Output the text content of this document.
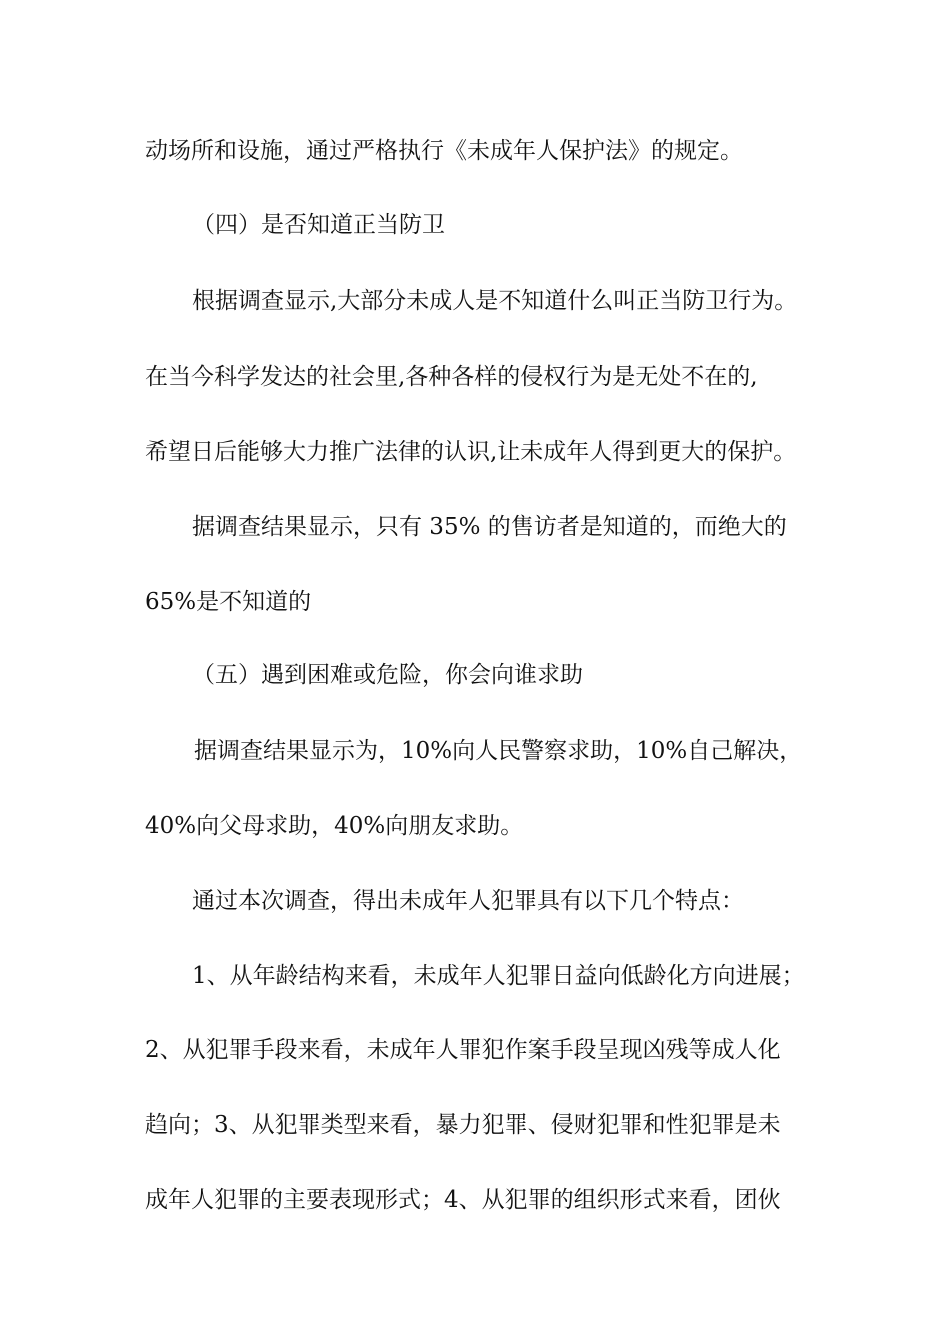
动场所和设施，通过严格执行《未成年人保护法》的规定。
（四）是否知道正当防卫
根据调查显示,大部分未成人是不知道什么叫正当防卫行为。
在当今科学发达的社会里,各种各样的侵权行为是无处不在的,
希望日后能够大力推广法律的认识,让未成年人得到更大的保护。
据调查结果显示，只有 35% 的售访者是知道的，而绝大的
65%是不知道的
（五）遇到困难或危险，你会向谁求助
据调查结果显示为，10%向人民警察求助，10%自己解决，
40%向父母求助，40%向朋友求助。
通过本次调查，得出未成年人犯罪具有以下几个特点：
1、从年龄结构来看，未成年人犯罪日益向低龄化方向进展；
2、从犯罪手段来看，未成年人罪犯作案手段呈现凶残等成人化
趋向；3、从犯罪类型来看，暴力犯罪、侵财犯罪和性犯罪是未
成年人犯罪的主要表现形式；4、从犯罪的组织形式来看，团伙
